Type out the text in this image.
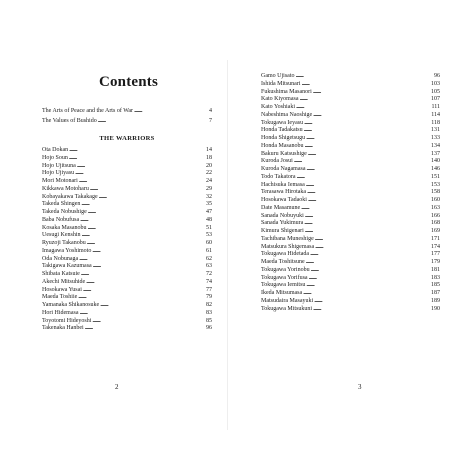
Contents
The Arts of Peace and the Arts of War . . .	4
The Values of Bushido . . .	7
THE WARRIORS
Ota Dokan . . .	14
Hojo Soun . . .	18
Hojo Ujitsuna . . .	20
Hojo Ujiyasu . . .	22
Mori Motonari . . .	24
Kikkawa Motoharu . . .	29
Kobayakawa Takakage . . .	32
Takeda Shingen . . .	35
Takeda Nobushige . . .	47
Baba Nobufusa . . .	48
Kosaka Masanobu . . .	51
Uesugi Kenshin . . .	53
Ryuzoji Takanobu . . .	60
Imagawa Yoshimoto . . .	61
Oda Nobunaga . . .	62
Takigawa Kazumasa . . .	63
Shibata Katsuie . . .	72
Akechi Mitsuhide . . .	74
Hosokawa Yusai . . .	77
Maeda Toshiie . . .	79
Yamanaka Shikanosuke . . .	82
Hori Hidemasa . . .	83
Toyotomi Hideyoshi . . .	85
Takenaka Hanbei . . .	96
Gamo Ujisato . . .	96
Ishida Mitsunari . . .	103
Fukushima Masanori . . .	105
Kato Kiyomasa . . .	107
Kato Yoshiaki . . .	111
Nabeshima Naoshige . . .	114
Tokugawa Ieyasu . . .	118
Honda Tadakatsu . . .	131
Honda Shigetsugu . . .	133
Honda Masanobu . . .	134
Bakuru Katsushige . . .	137
Kuroda Josui . . .	140
Kuroda Nagamasa . . .	146
Todo Takatora . . .	151
Hachisuka Iemasa . . .	153
Terasawa Hirotaka . . .	158
Hosokawa Tadaoki . . .	160
Date Masamune . . .	163
Sanada Nobuyuki . . .	166
Sanada Yukimura . . .	168
Kimura Shigenari . . .	169
Tachibana Muneshige . . .	171
Matsukura Shigemasa . . .	174
Tokugawa Hidetada . . .	177
Maeda Toshitsune . . .	179
Tokugawa Yorinobu . . .	181
Tokugawa Yorifusa . . .	183
Tokugawa Iemitsu . . .	185
Ikeda Mitsumasa . . .	187
Matsudaira Masayuki . . .	189
Tokugawa Mitsukuni . . .	190
2	3
